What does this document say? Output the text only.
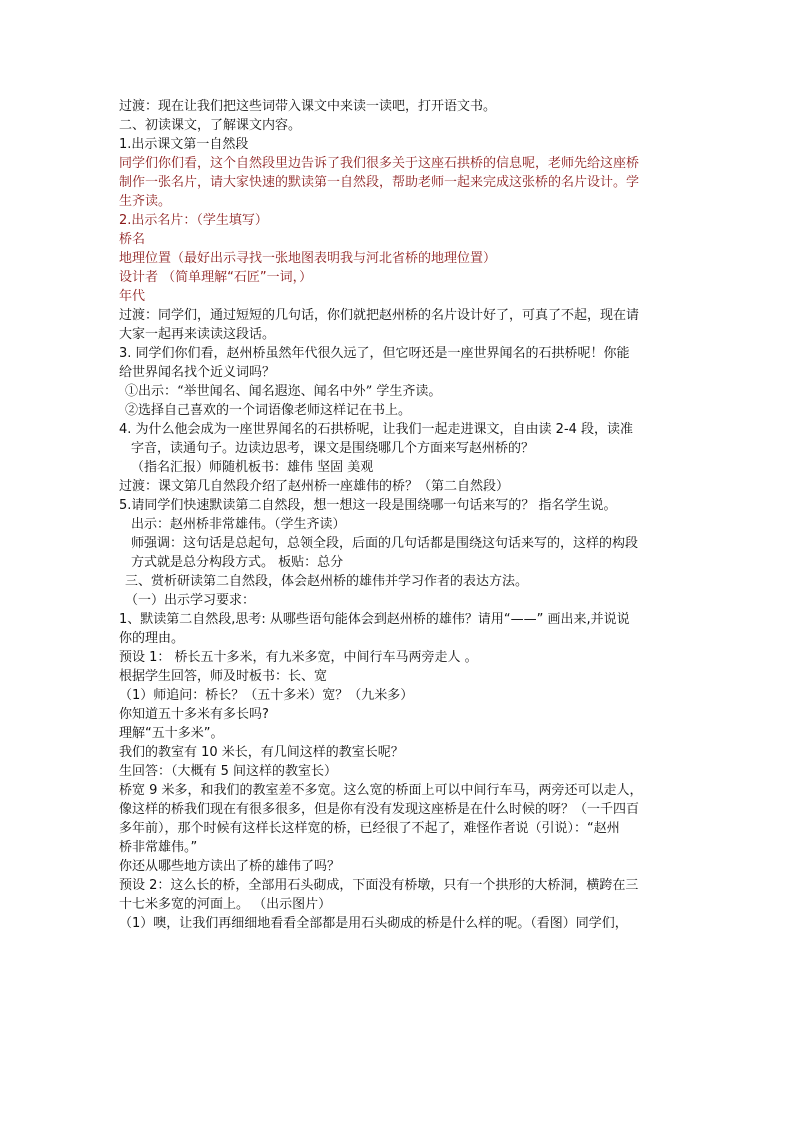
过渡：现在让我们把这些词带入课文中来读一读吧，打开语文书。
二、初读课文，了解课文内容。
1.出示课文第一自然段
同学们你们看，这个自然段里边告诉了我们很多关于这座石拱桥的信息呢，老师先给这座桥
制作一张名片，请大家快速的默读第一自然段，帮助老师一起来完成这张桥的名片设计。学
生齐读。
2.出示名片：（学生填写）
桥名
地理位置（最好出示寻找一张地图表明我与河北省桥的地理位置）
设计者 （简单理解“石匠”一词，）
年代
过渡：同学们，通过短短的几句话，你们就把赵州桥的名片设计好了，可真了不起，现在请
大家一起再来读读这段话。
3. 同学们你们看，赵州桥虽然年代很久远了，但它呀还是一座世界闻名的石拱桥呢！你能
给世界闻名找个近义词吗？
①出示：“举世闻名、闻名遐迩、闻名中外” 学生齐读。
②选择自己喜欢的一个词语像老师这样记在书上。
4. 为什么他会成为一座世界闻名的石拱桥呢，让我们一起走进课文，自由读 2-4 段，读准
字音，读通句子。边读边思考，课文是围绕哪几个方面来写赵州桥的？
（指名汇报）师随机板书：雄伟 坚固 美观
过渡：课文第几自然段介绍了赵州桥一座雄伟的桥？（第二自然段）
5.请同学们快速默读第二自然段，想一想这一段是围绕哪一句话来写的？ 指名学生说。
出示：赵州桥非常雄伟。（学生齐读）
师强调：这句话是总起句，总领全段，后面的几句话都是围绕这句话来写的，这样的构段
方式就是总分构段方式。 板贴：总分
三、赏析研读第二自然段，体会赵州桥的雄伟并学习作者的表达方法。
（一）出示学习要求：
1、默读第二自然段,思考: 从哪些语句能体会到赵州桥的雄伟？请用“——” 画出来,并说说
你的理由。
预设 1： 桥长五十多米，有九米多宽，中间行车马两旁走人 。
根据学生回答，师及时板书：长、宽
（1）师追问：桥长？（五十多米）宽？（九米多）
你知道五十多米有多长吗?
理解“五十多米”。
我们的教室有 10 米长，有几间这样的教室长呢？
生回答：（大概有 5 间这样的教室长）
桥宽 9 米多，和我们的教室差不多宽。这么宽的桥面上可以中间行车马，两旁还可以走人，
像这样的桥我们现在有很多很多，但是你有没有发现这座桥是在什么时候的呀？（一千四百
多年前），那个时候有这样长这样宽的桥，已经很了不起了，难怪作者说（引说）：“赵州
桥非常雄伟。”
你还从哪些地方读出了桥的雄伟了吗？
预设 2：这么长的桥，全部用石头砌成，下面没有桥墩，只有一个拱形的大桥洞，横跨在三
十七米多宽的河面上。 （出示图片）
（1）噢，让我们再细细地看看全部都是用石头砌成的桥是什么样的呢。（看图）同学们，
